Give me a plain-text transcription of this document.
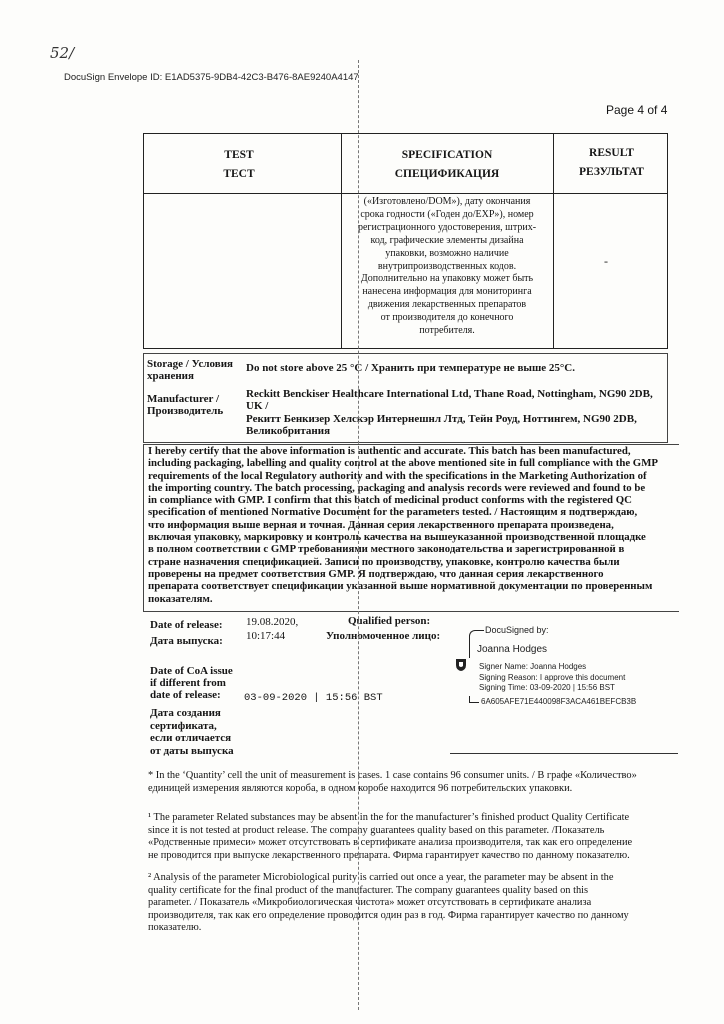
52/
DocuSign Envelope ID: E1AD5375-9DB4-42C3-B476-8AE9240A4147
Page 4 of 4
TEST
ТЕСТ
SPECIFICATION
СПЕЦИФИКАЦИЯ
RESULT
РЕЗУЛЬТАТ
(«Изготовлено/DOM»), дату окончания
срока годности («Годен до/EXP»), номер
регистрационного удостоверения, штрих-
код, графические элементы дизайна
упаковки, возможно наличие
внутрипроизводственных кодов.
Дополнительно на упаковку может быть
нанесена информация для мониторинга
движения лекарственных препаратов
от производителя до конечного
потребителя.
-
Storage / Условия
хранения
Do not store above 25 °C / Хранить при температуре не выше 25°С.
Manufacturer /
Производитель
Reckitt Benckiser Healthcare International Ltd, Thane Road, Nottingham, NG90 2DB,
UK /
Рекитт Бенкизер Хелскэр Интернешнл Лтд, Тейн Роуд, Ноттингем, NG90 2DB,
Великобритания
I hereby certify that the above information is authentic and accurate. This batch has been manufactured,
including packaging, labelling and quality control at the above mentioned site in full compliance with the GMP
requirements of the local Regulatory authority and with the specifications in the Marketing Authorization of
the importing country. The batch processing, packaging and analysis records were reviewed and found to be
in compliance with GMP. I confirm that this batch of medicinal product conforms with the registered QC
specification of mentioned Normative Document for the parameters tested. / Настоящим я подтверждаю,
что информация выше верная и точная. Данная серия лекарственного препарата произведена,
включая упаковку, маркировку и контроль качества на вышеуказанной производственной площадке
в полном соответствии с GMP требованиями местного законодательства и зарегистрированной в
стране назначения спецификацией. Записи по производству, упаковке, контролю качества были
проверены на предмет соответствия GMP. Я подтверждаю, что данная серия лекарственного
препарата соответствует спецификации указанной выше нормативной документации по проверенным
показателям.
Date of release:
Дата выпуска:
19.08.2020,
10:17:44
Qualified person:
Уполномоченное лицо:	DocuSigned by:
Joanna Hodges
Signer Name: Joanna Hodges
Signing Reason: I approve this document
Signing Time: 03-09-2020 | 15:56 BST
6A605AFE71E440098F3ACA461BEFCB3B
Date of CoA issue
if different from
date of release:	03-09-2020 | 15:56 BST
Дата создания
сертификата,
если отличается
от даты выпуска
* In the ‘Quantity’ cell the unit of measurement is cases. 1 case contains 96 consumer units. / В графе «Количество»
единицей измерения являются короба, в одном коробе находится 96 потребительских упаковки.
¹ The parameter Related substances may be absent in the for the manufacturer’s finished product Quality Certificate
since it is not tested at product release. The company guarantees quality based on this parameter. /Показатель
«Родственные примеси» может отсутствовать в сертификате анализа производителя, так как его определение
не проводится при выпуске лекарственного препарата. Фирма гарантирует качество по данному показателю.
² Analysis of the parameter Microbiological purity is carried out once a year, the parameter may be absent in the
quality certificate for the final product of the manufacturer. The company guarantees quality based on this
parameter. / Показатель «Микробиологическая чистота» может отсутствовать в сертификате анализа
производителя, так как его определение проводится один раз в год. Фирма гарантирует качество по данному
показателю.
